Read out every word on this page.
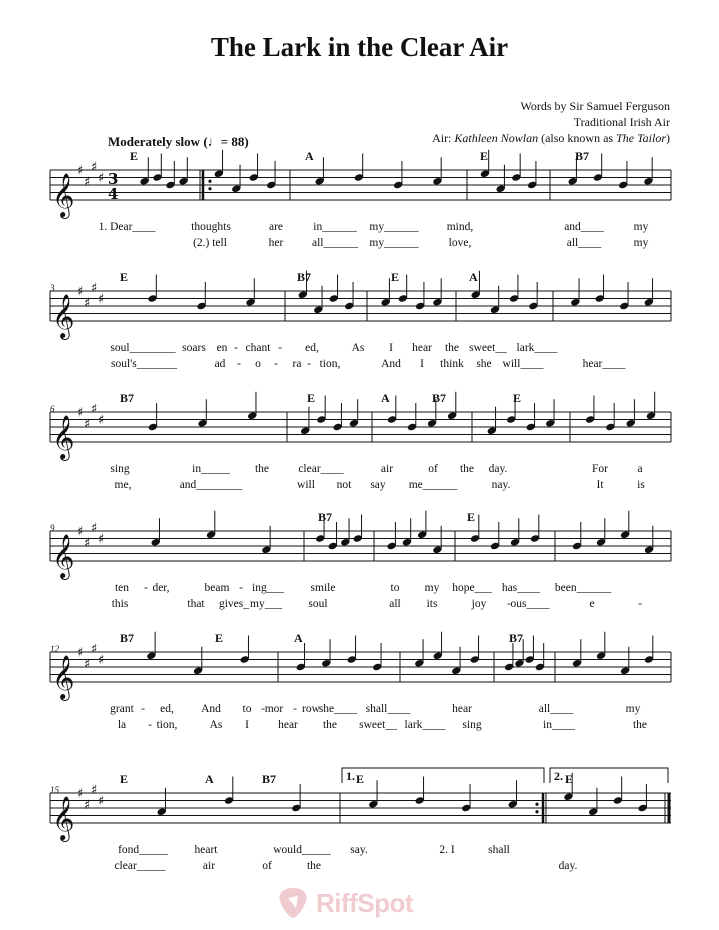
The Lark in the Clear Air
Words by Sir Samuel Ferguson
Traditional Irish Air
Air: Kathleen Nowlan (also known as The Tailor)
Moderately slow (♩= 88)
𝄞
♯
♯
♯
♯ 3
4
𝄞
♯
♯
♯
♯
𝄞
♯
♯
♯
♯
𝄞
♯
♯
♯
♯
𝄞
♯
♯
♯
♯
𝄞
♯
♯
♯
♯
E	A	E	B7
1. Dear____	thoughts	are	in______ my______ mind,	and____	my
(2.) tell	her all______ my______	love,	all____	my
3
E	B7	E	A
soul________ soars en - chant - ed,	As I hear the sweet__ lark____
soul's_______	ad - o - ra - tion,	And I think she will____	hear____
6
B7	E	A	B7	E
sing	in_____ the	clear____	air	of the day.	For	a
me,	and________	will not say me______	nay.	It	is
9
B7	E
ten - der,	beam - ing___ smile	to my hope___ has____ been______
this	that gives_ my___ soul	all its	joy - ous____	e	-
12
B7	E	A	B7
grant - ed, And to - mor - row
she____ shall____	hear	all____	my
la - tion,	As I	hear the sweet__ lark____ sing	in____	the
15
E	A	B7	E	E
fond_____ heart	would_____ say.	2. I	shall
clear_____	air	of	the	day.
1.	2.
RiffSpot
